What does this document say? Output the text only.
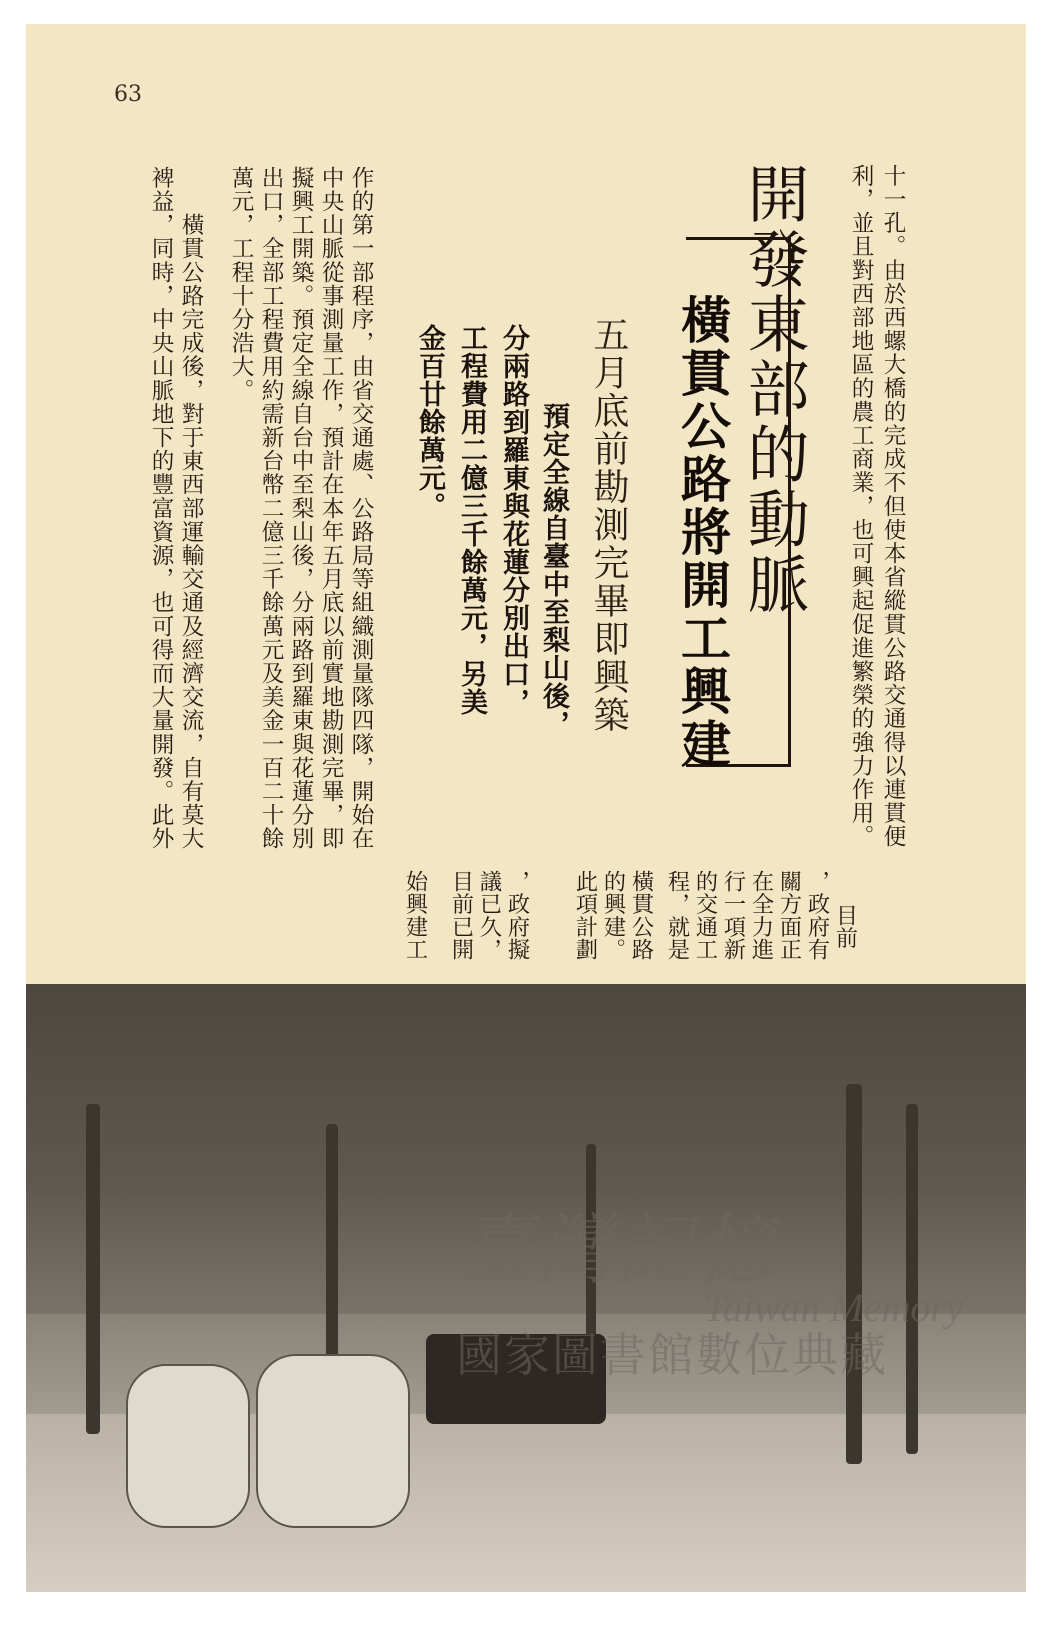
63
十一孔。由於西螺大橋的完成不但使本省縱貫公路交通得以連貫便
利，並且對西部地區的農工商業，也可興起促進繁榮的強力作用。
開發東部的動脈
橫貫公路將開工興建
五月底前勘測完畢即興築
預定全線自臺中至梨山後，
分兩路到羅東與花蓮分別出口，
工程費用二億三千餘萬元，另美
金百廿餘萬元。
目前
，政府有
關方面正
在全力進
行一項新
的交通工
程，就是
橫貫公路
的興建。
此項計劃
，政府擬
議已久，
目前已開
始興建工
作的第一部程序，由省交通處、公路局等組織測量隊四隊，開始在
中央山脈從事測量工作，預計在本年五月底以前實地勘測完畢，即
擬興工開築。預定全線自台中至梨山後，分兩路到羅東與花蓮分別
出口，全部工程費用約需新台幣二億三千餘萬元及美金一百二十餘
萬元，工程十分浩大。
　　橫貫公路完成後，對于東西部運輸交通及經濟交流，自有莫大
裨益，同時，中央山脈地下的豐富資源，也可得而大量開發。此外
臺灣記憶
Taiwan Memory
國家圖書館數位典藏
